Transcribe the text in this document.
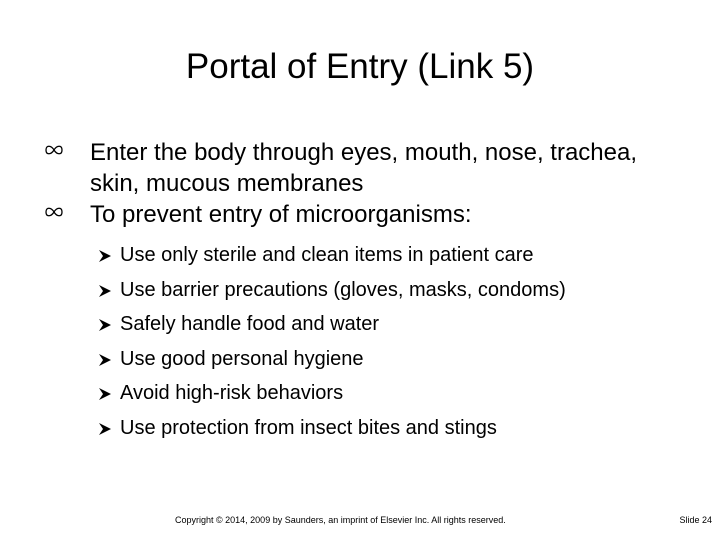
Portal of Entry (Link 5)
Enter the body through eyes, mouth, nose, trachea, skin, mucous membranes
To prevent entry of microorganisms:
Use only sterile and clean items in patient care
Use barrier precautions (gloves, masks, condoms)
Safely handle food and water
Use good personal hygiene
Avoid high-risk behaviors
Use protection from insect bites and stings
Copyright © 2014, 2009 by Saunders, an imprint of Elsevier Inc. All rights reserved.	Slide 24
